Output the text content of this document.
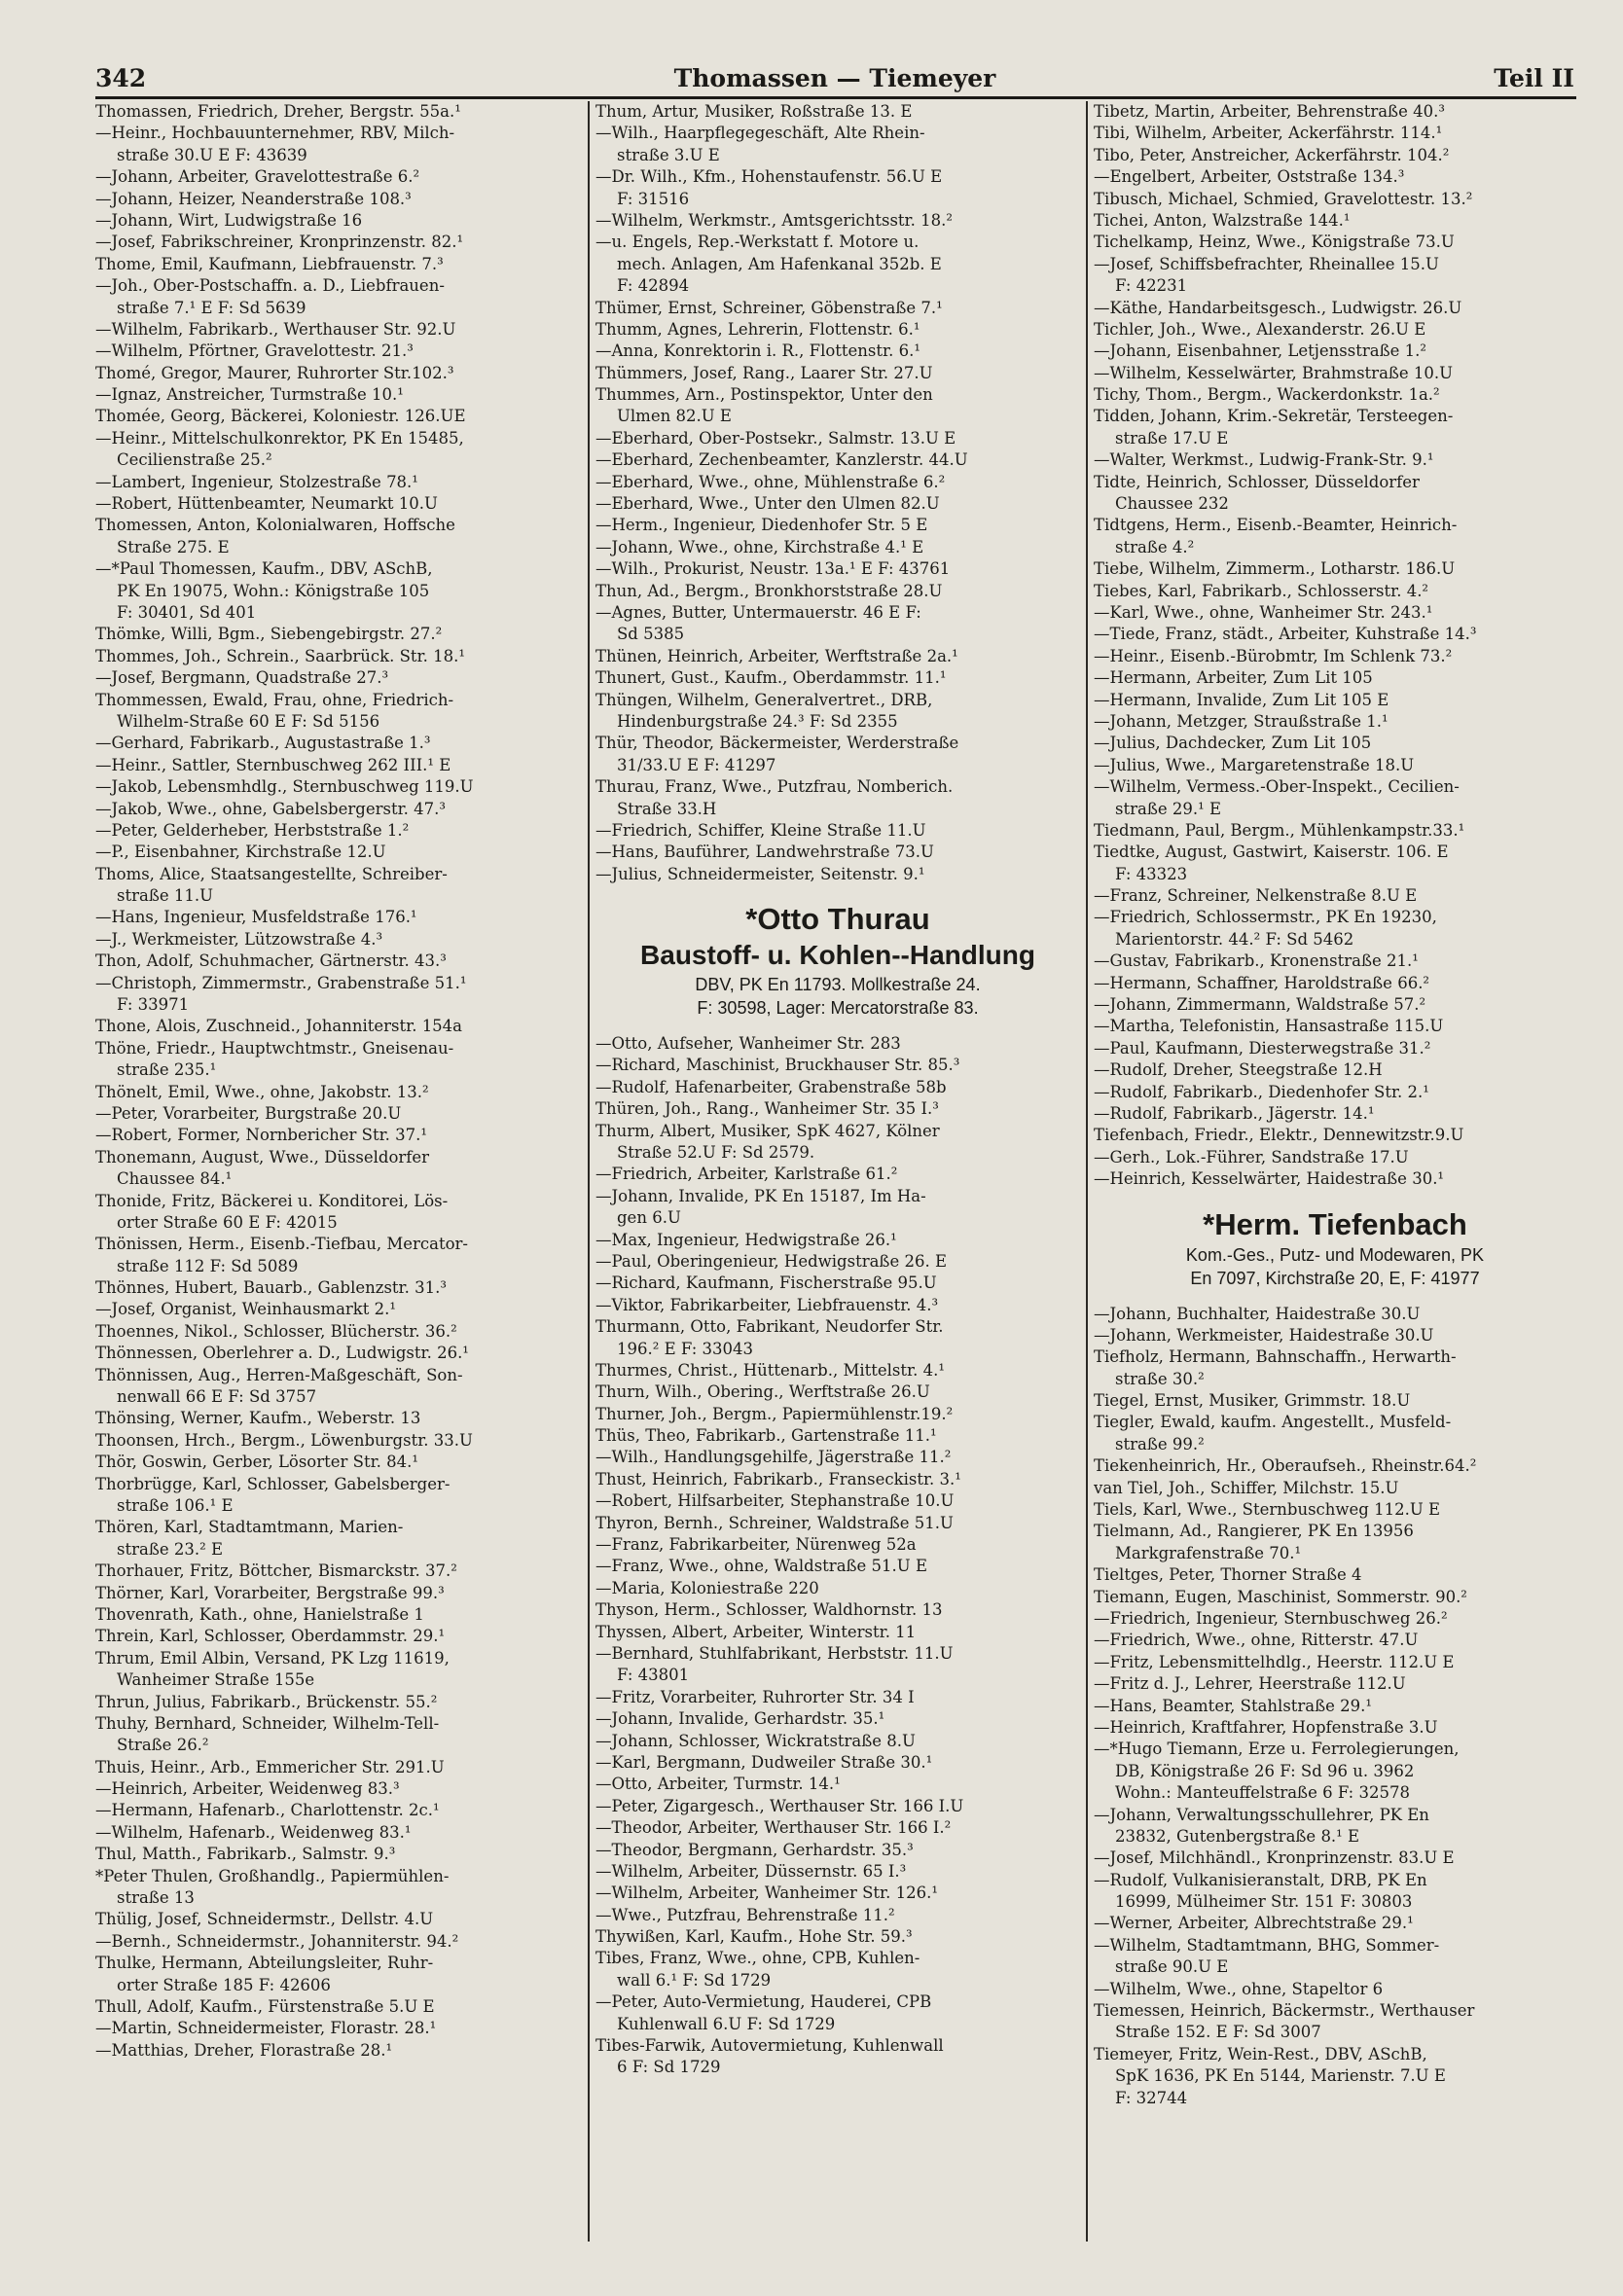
342	Thomassen — Tiemeyer	Teil II
Thomassen, Friedrich, Dreher, Bergstr. 55a.¹
—Heinr., Hochbauunternehmer, RBV, Milch-
straße 30.U E F: 43639
—Johann, Arbeiter, Gravelottestraße 6.²
—Johann, Heizer, Neanderstraße 108.³
—Johann, Wirt, Ludwigstraße 16
—Josef, Fabrikschreiner, Kronprinzenstr. 82.¹
Thome, Emil, Kaufmann, Liebfrauenstr. 7.³
—Joh., Ober-Postschaffn. a. D., Liebfrauen-
straße 7.¹ E F: Sd 5639
—Wilhelm, Fabrikarb., Werthauser Str. 92.U
—Wilhelm, Pförtner, Gravelottestr. 21.³
Thomé, Gregor, Maurer, Ruhrorter Str.102.³
—Ignaz, Anstreicher, Turmstraße 10.¹
Thomée, Georg, Bäckerei, Koloniestr. 126.UE
—Heinr., Mittelschulkonrektor, PK En 15485,
Cecilienstraße 25.²
—Lambert, Ingenieur, Stolzestraße 78.¹
—Robert, Hüttenbeamter, Neumarkt 10.U
Thomessen, Anton, Kolonialwaren, Hoffsche
Straße 275. E
—*Paul Thomessen, Kaufm., DBV, ASchB,
PK En 19075, Wohn.: Königstraße 105
F: 30401, Sd 401
Thömke, Willi, Bgm., Siebengebirgstr. 27.²
Thommes, Joh., Schrein., Saarbrück. Str. 18.¹
—Josef, Bergmann, Quadstraße 27.³
Thommessen, Ewald, Frau, ohne, Friedrich-
Wilhelm-Straße 60 E F: Sd 5156
—Gerhard, Fabrikarb., Augustastraße 1.³
—Heinr., Sattler, Sternbuschweg 262 III.¹ E
—Jakob, Lebensmhdlg., Sternbuschweg 119.U
—Jakob, Wwe., ohne, Gabelsbergerstr. 47.³
—Peter, Gelderheber, Herbststraße 1.²
—P., Eisenbahner, Kirchstraße 12.U
Thoms, Alice, Staatsangestellte, Schreiber-
straße 11.U
—Hans, Ingenieur, Musfeldstraße 176.¹
—J., Werkmeister, Lützowstraße 4.³
Thon, Adolf, Schuhmacher, Gärtnerstr. 43.³
—Christoph, Zimmermstr., Grabenstraße 51.¹
F: 33971
Thone, Alois, Zuschneid., Johanniterstr. 154a
Thöne, Friedr., Hauptwchtmstr., Gneisenau-
straße 235.¹
Thönelt, Emil, Wwe., ohne, Jakobstr. 13.²
—Peter, Vorarbeiter, Burgstraße 20.U
—Robert, Former, Nornbericher Str. 37.¹
Thonemann, August, Wwe., Düsseldorfer
Chaussee 84.¹
Thonide, Fritz, Bäckerei u. Konditorei, Lös-
orter Straße 60 E F: 42015
Thönissen, Herm., Eisenb.-Tiefbau, Mercator-
straße 112 F: Sd 5089
Thönnes, Hubert, Bauarb., Gablenzstr. 31.³
—Josef, Organist, Weinhausmarkt 2.¹
Thoennes, Nikol., Schlosser, Blücherstr. 36.²
Thönnessen, Oberlehrer a. D., Ludwigstr. 26.¹
Thönnissen, Aug., Herren-Maßgeschäft, Son-
nenwall 66 E F: Sd 3757
Thönsing, Werner, Kaufm., Weberstr. 13
Thoonsen, Hrch., Bergm., Löwenburgstr. 33.U
Thör, Goswin, Gerber, Lösorter Str. 84.¹
Thorbrügge, Karl, Schlosser, Gabelsberger-
straße 106.¹ E
Thören, Karl, Stadtamtmann, Marien-
straße 23.² E
Thorhauer, Fritz, Böttcher, Bismarckstr. 37.²
Thörner, Karl, Vorarbeiter, Bergstraße 99.³
Thovenrath, Kath., ohne, Hanielstraße 1
Threin, Karl, Schlosser, Oberdammstr. 29.¹
Thrum, Emil Albin, Versand, PK Lzg 11619,
Wanheimer Straße 155e
Thrun, Julius, Fabrikarb., Brückenstr. 55.²
Thuhy, Bernhard, Schneider, Wilhelm-Tell-
Straße 26.²
Thuis, Heinr., Arb., Emmericher Str. 291.U
—Heinrich, Arbeiter, Weidenweg 83.³
—Hermann, Hafenarb., Charlottenstr. 2c.¹
—Wilhelm, Hafenarb., Weidenweg 83.¹
Thul, Matth., Fabrikarb., Salmstr. 9.³
*Peter Thulen, Großhandlg., Papiermühlen-
straße 13
Thülig, Josef, Schneidermstr., Dellstr. 4.U
—Bernh., Schneidermstr., Johanniterstr. 94.²
Thulke, Hermann, Abteilungsleiter, Ruhr-
orter Straße 185 F: 42606
Thull, Adolf, Kaufm., Fürstenstraße 5.U E
—Martin, Schneidermeister, Florastr. 28.¹
—Matthias, Dreher, Florastraße 28.¹
Thum, Artur, Musiker, Roßstraße 13. E
—Wilh., Haarpflegegeschäft, Alte Rhein-
straße 3.U E
—Dr. Wilh., Kfm., Hohenstaufenstr. 56.U E
F: 31516
—Wilhelm, Werkmstr., Amtsgerichtsstr. 18.²
—u. Engels, Rep.-Werkstatt f. Motore u.
mech. Anlagen, Am Hafenkanal 352b. E
F: 42894
Thümer, Ernst, Schreiner, Göbenstraße 7.¹
Thumm, Agnes, Lehrerin, Flottenstr. 6.¹
—Anna, Konrektorin i. R., Flottenstr. 6.¹
Thümmers, Josef, Rang., Laarer Str. 27.U
Thummes, Arn., Postinspektor, Unter den
Ulmen 82.U E
—Eberhard, Ober-Postsekr., Salmstr. 13.U E
—Eberhard, Zechenbeamter, Kanzlerstr. 44.U
—Eberhard, Wwe., ohne, Mühlenstraße 6.²
—Eberhard, Wwe., Unter den Ulmen 82.U
—Herm., Ingenieur, Diedenhofer Str. 5 E
—Johann, Wwe., ohne, Kirchstraße 4.¹ E
—Wilh., Prokurist, Neustr. 13a.¹ E F: 43761
Thun, Ad., Bergm., Bronkhorststraße 28.U
—Agnes, Butter, Untermauerstr. 46 E F:
Sd 5385
Thünen, Heinrich, Arbeiter, Werftstraße 2a.¹
Thunert, Gust., Kaufm., Oberdammstr. 11.¹
Thüngen, Wilhelm, Generalvertret., DRB,
Hindenburgstraße 24.³ F: Sd 2355
Thür, Theodor, Bäckermeister, Werderstraße
31/33.U E F: 41297
Thurau, Franz, Wwe., Putzfrau, Nomberich.
Straße 33.H
—Friedrich, Schiffer, Kleine Straße 11.U
—Hans, Bauführer, Landwehrstraße 73.U
—Julius, Schneidermeister, Seitenstr. 9.¹
*Otto Thurau
Baustoff- u. Kohlen--Handlung
DBV, PK En 11793. Mollkestraße 24.
F: 30598, Lager: Mercatorstraße 83.
—Otto, Aufseher, Wanheimer Str. 283
—Richard, Maschinist, Bruckhauser Str. 85.³
—Rudolf, Hafenarbeiter, Grabenstraße 58b
Thüren, Joh., Rang., Wanheimer Str. 35 I.³
Thurm, Albert, Musiker, SpK 4627, Kölner
Straße 52.U F: Sd 2579.
—Friedrich, Arbeiter, Karlstraße 61.²
—Johann, Invalide, PK En 15187, Im Ha-
gen 6.U
—Max, Ingenieur, Hedwigstraße 26.¹
—Paul, Oberingenieur, Hedwigstraße 26. E
—Richard, Kaufmann, Fischerstraße 95.U
—Viktor, Fabrikarbeiter, Liebfrauenstr. 4.³
Thurmann, Otto, Fabrikant, Neudorfer Str.
196.² E F: 33043
Thurmes, Christ., Hüttenarb., Mittelstr. 4.¹
Thurn, Wilh., Obering., Werftstraße 26.U
Thurner, Joh., Bergm., Papiermühlenstr.19.²
Thüs, Theo, Fabrikarb., Gartenstraße 11.¹
—Wilh., Handlungsgehilfe, Jägerstraße 11.²
Thust, Heinrich, Fabrikarb., Franseckistr. 3.¹
—Robert, Hilfsarbeiter, Stephanstraße 10.U
Thyron, Bernh., Schreiner, Waldstraße 51.U
—Franz, Fabrikarbeiter, Nürenweg 52a
—Franz, Wwe., ohne, Waldstraße 51.U E
—Maria, Koloniestraße 220
Thyson, Herm., Schlosser, Waldhornstr. 13
Thyssen, Albert, Arbeiter, Winterstr. 11
—Bernhard, Stuhlfabrikant, Herbststr. 11.U
F: 43801
—Fritz, Vorarbeiter, Ruhrorter Str. 34 I
—Johann, Invalide, Gerhardstr. 35.¹
—Johann, Schlosser, Wickratstraße 8.U
—Karl, Bergmann, Dudweiler Straße 30.¹
—Otto, Arbeiter, Turmstr. 14.¹
—Peter, Zigargesch., Werthauser Str. 166 I.U
—Theodor, Arbeiter, Werthauser Str. 166 I.²
—Theodor, Bergmann, Gerhardstr. 35.³
—Wilhelm, Arbeiter, Düssernstr. 65 I.³
—Wilhelm, Arbeiter, Wanheimer Str. 126.¹
—Wwe., Putzfrau, Behrenstraße 11.²
Thywißen, Karl, Kaufm., Hohe Str. 59.³
Tibes, Franz, Wwe., ohne, CPB, Kuhlen-
wall 6.¹ F: Sd 1729
—Peter, Auto-Vermietung, Hauderei, CPB
Kuhlenwall 6.U F: Sd 1729
Tibes-Farwik, Autovermietung, Kuhlenwall
6 F: Sd 1729
Tibetz, Martin, Arbeiter, Behrenstraße 40.³
Tibi, Wilhelm, Arbeiter, Ackerfährstr. 114.¹
Tibo, Peter, Anstreicher, Ackerfährstr. 104.²
—Engelbert, Arbeiter, Oststraße 134.³
Tibusch, Michael, Schmied, Gravelottestr. 13.²
Tichei, Anton, Walzstraße 144.¹
Tichelkamp, Heinz, Wwe., Königstraße 73.U
—Josef, Schiffsbefrachter, Rheinallee 15.U
F: 42231
—Käthe, Handarbeitsgesch., Ludwigstr. 26.U
Tichler, Joh., Wwe., Alexanderstr. 26.U E
—Johann, Eisenbahner, Letjensstraße 1.²
—Wilhelm, Kesselwärter, Brahmstraße 10.U
Tichy, Thom., Bergm., Wackerdonkstr. 1a.²
Tidden, Johann, Krim.-Sekretär, Tersteegen-
straße 17.U E
—Walter, Werkmst., Ludwig-Frank-Str. 9.¹
Tidte, Heinrich, Schlosser, Düsseldorfer
Chaussee 232
Tidtgens, Herm., Eisenb.-Beamter, Heinrich-
straße 4.²
Tiebe, Wilhelm, Zimmerm., Lotharstr. 186.U
Tiebes, Karl, Fabrikarb., Schlosserstr. 4.²
—Karl, Wwe., ohne, Wanheimer Str. 243.¹
—Tiede, Franz, städt., Arbeiter, Kuhstraße 14.³
—Heinr., Eisenb.-Bürobmtr, Im Schlenk 73.²
—Hermann, Arbeiter, Zum Lit 105
—Hermann, Invalide, Zum Lit 105 E
—Johann, Metzger, Straußstraße 1.¹
—Julius, Dachdecker, Zum Lit 105
—Julius, Wwe., Margaretenstraße 18.U
—Wilhelm, Vermess.-Ober-Inspekt., Cecilien-
straße 29.¹ E
Tiedmann, Paul, Bergm., Mühlenkampstr.33.¹
Tiedtke, August, Gastwirt, Kaiserstr. 106. E
F: 43323
—Franz, Schreiner, Nelkenstraße 8.U E
—Friedrich, Schlossermstr., PK En 19230,
Marientorstr. 44.² F: Sd 5462
—Gustav, Fabrikarb., Kronenstraße 21.¹
—Hermann, Schaffner, Haroldstraße 66.²
—Johann, Zimmermann, Waldstraße 57.²
—Martha, Telefonistin, Hansastraße 115.U
—Paul, Kaufmann, Diesterwegstraße 31.²
—Rudolf, Dreher, Steegstraße 12.H
—Rudolf, Fabrikarb., Diedenhofer Str. 2.¹
—Rudolf, Fabrikarb., Jägerstr. 14.¹
Tiefenbach, Friedr., Elektr., Dennewitzstr.9.U
—Gerh., Lok.-Führer, Sandstraße 17.U
—Heinrich, Kesselwärter, Haidestraße 30.¹
*Herm. Tiefenbach
Kom.-Ges., Putz- und Modewaren, PK
En 7097, Kirchstraße 20, E, F: 41977
—Johann, Buchhalter, Haidestraße 30.U
—Johann, Werkmeister, Haidestraße 30.U
Tiefholz, Hermann, Bahnschaffn., Herwarth-
straße 30.²
Tiegel, Ernst, Musiker, Grimmstr. 18.U
Tiegler, Ewald, kaufm. Angestellt., Musfeld-
straße 99.²
Tiekenheinrich, Hr., Oberaufseh., Rheinstr.64.²
van Tiel, Joh., Schiffer, Milchstr. 15.U
Tiels, Karl, Wwe., Sternbuschweg 112.U E
Tielmann, Ad., Rangierer, PK En 13956
Markgrafenstraße 70.¹
Tieltges, Peter, Thorner Straße 4
Tiemann, Eugen, Maschinist, Sommerstr. 90.²
—Friedrich, Ingenieur, Sternbuschweg 26.²
—Friedrich, Wwe., ohne, Ritterstr. 47.U
—Fritz, Lebensmittelhdlg., Heerstr. 112.U E
—Fritz d. J., Lehrer, Heerstraße 112.U
—Hans, Beamter, Stahlstraße 29.¹
—Heinrich, Kraftfahrer, Hopfenstraße 3.U
—*Hugo Tiemann, Erze u. Ferrolegierungen,
DB, Königstraße 26 F: Sd 96 u. 3962
Wohn.: Manteuffelstraße 6 F: 32578
—Johann, Verwaltungsschullehrer, PK En
23832, Gutenbergstraße 8.¹ E
—Josef, Milchhändl., Kronprinzenstr. 83.U E
—Rudolf, Vulkanisieranstalt, DRB, PK En
16999, Mülheimer Str. 151 F: 30803
—Werner, Arbeiter, Albrechtstraße 29.¹
—Wilhelm, Stadtamtmann, BHG, Sommer-
straße 90.U E
—Wilhelm, Wwe., ohne, Stapeltor 6
Tiemessen, Heinrich, Bäckermstr., Werthauser
Straße 152. E F: Sd 3007
Tiemeyer, Fritz, Wein-Rest., DBV, ASchB,
SpK 1636, PK En 5144, Marienstr. 7.U E
F: 32744
